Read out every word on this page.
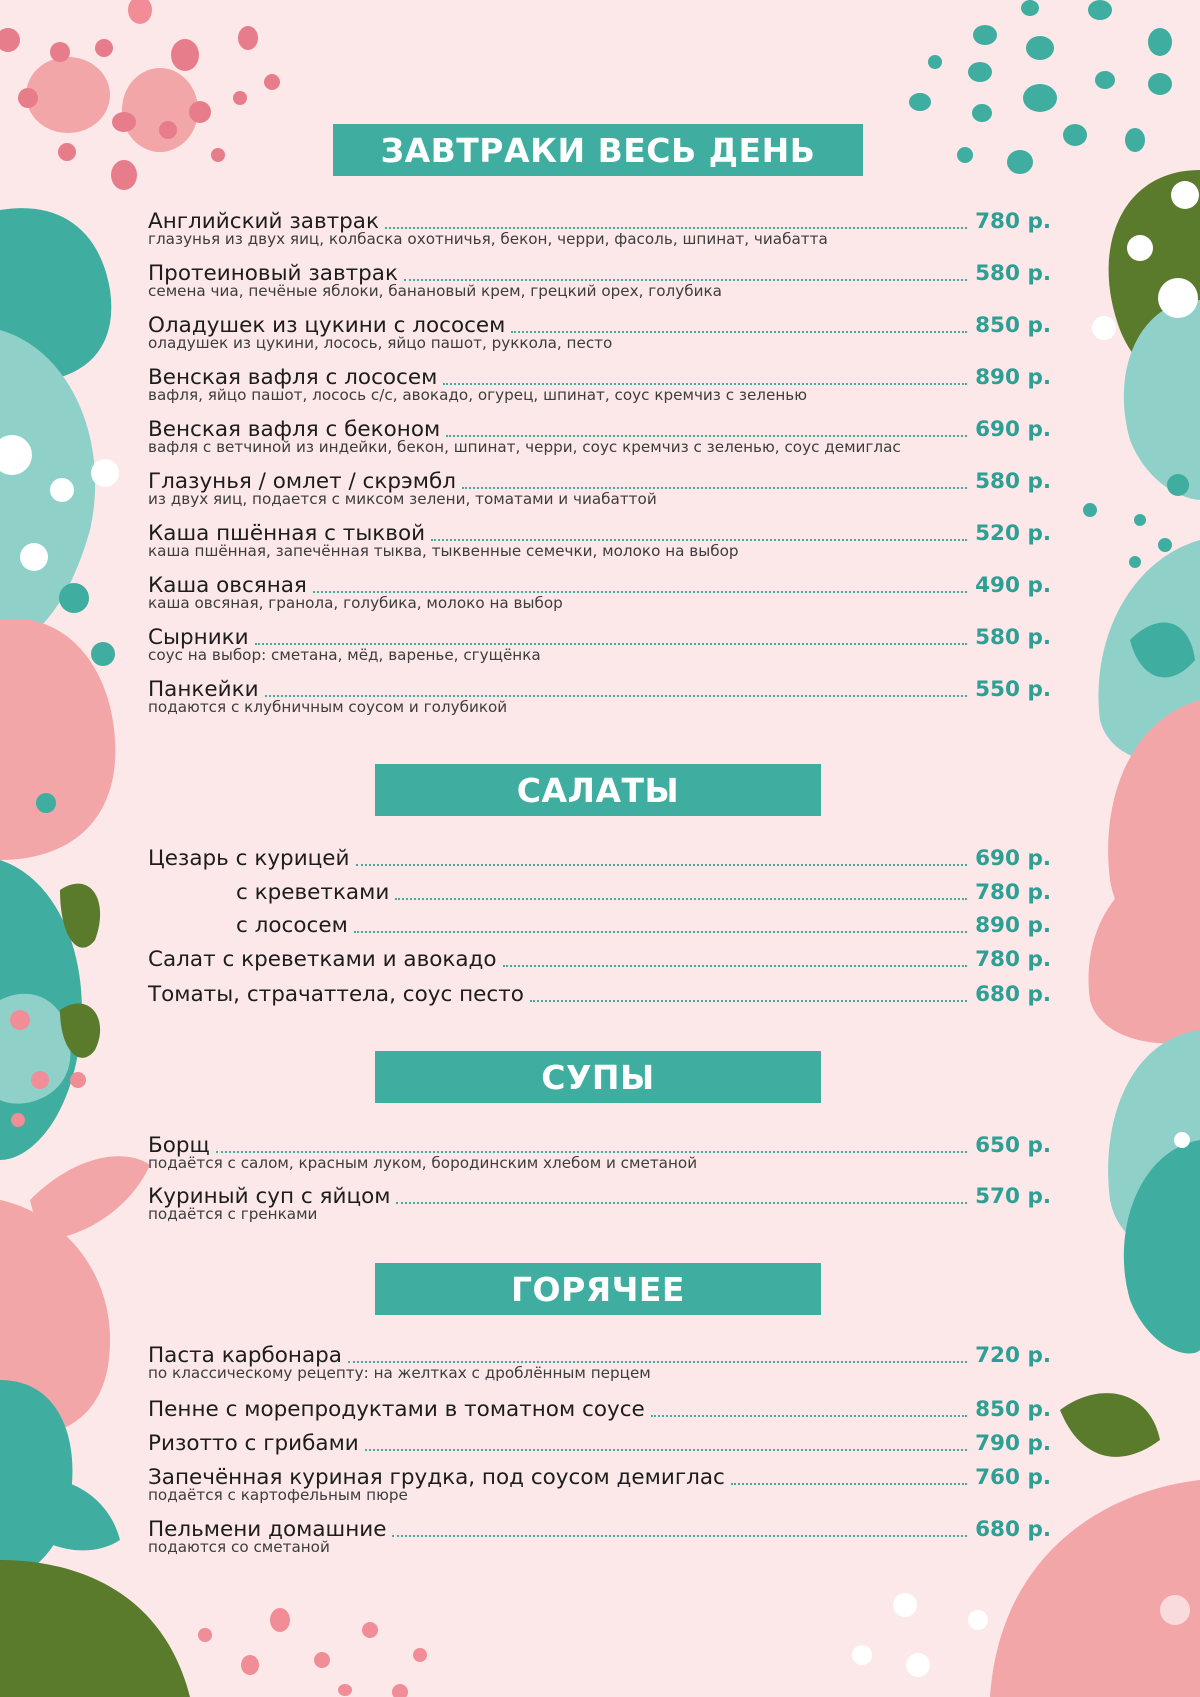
ЗАВТРАКИ ВЕСЬ ДЕНЬ
Английский завтрак	780 р.
глазунья из двух яиц, колбаска охотничья, бекон, черри, фасоль, шпинат, чиабатта
Протеиновый завтрак	580 р.
семена чиа, печёные яблоки, банановый крем, грецкий орех, голубика
Оладушек из цукини с лососем	850 р.
оладушек из цукини, лосось, яйцо пашот, руккола, песто
Венская вафля с лососем	890 р.
вафля, яйцо пашот, лосось с/с, авокадо, огурец, шпинат, соус кремчиз с зеленью
Венская вафля с беконом	690 р.
вафля с ветчиной из индейки, бекон, шпинат, черри, соус кремчиз с зеленью, соус демиглас
Глазунья / омлет / скрэмбл	580 р.
из двух яиц, подается с миксом зелени, томатами и чиабаттой
Каша пшённая с тыквой	520 р.
каша пшённая, запечённая тыква, тыквенные семечки, молоко на выбор
Каша овсяная	490 р.
каша овсяная, гранола, голубика, молоко на выбор
Сырники	580 р.
соус на выбор: сметана, мёд, варенье, сгущёнка
Панкейки	550 р.
подаются с клубничным соусом и голубикой
САЛАТЫ
Цезарь с курицей	690 р.
с креветками	780 р.
с лососем	890 р.
Салат с креветками и авокадо	780 р.
Томаты, страчаттела, соус песто	680 р.
СУПЫ
Борщ	650 р.
подаётся с салом, красным луком, бородинским хлебом и сметаной
Куриный суп с яйцом	570 р.
подаётся с гренками
ГОРЯЧЕЕ
Паста карбонара	720 р.
по классическому рецепту: на желтках с дроблённым перцем
Пенне с морепродуктами в томатном соусе	850 р.
Ризотто с грибами	790 р.
Запечённая куриная грудка, под соусом демиглас	760 р.
подаётся с картофельным пюре
Пельмени домашние	680 р.
подаются со сметаной
